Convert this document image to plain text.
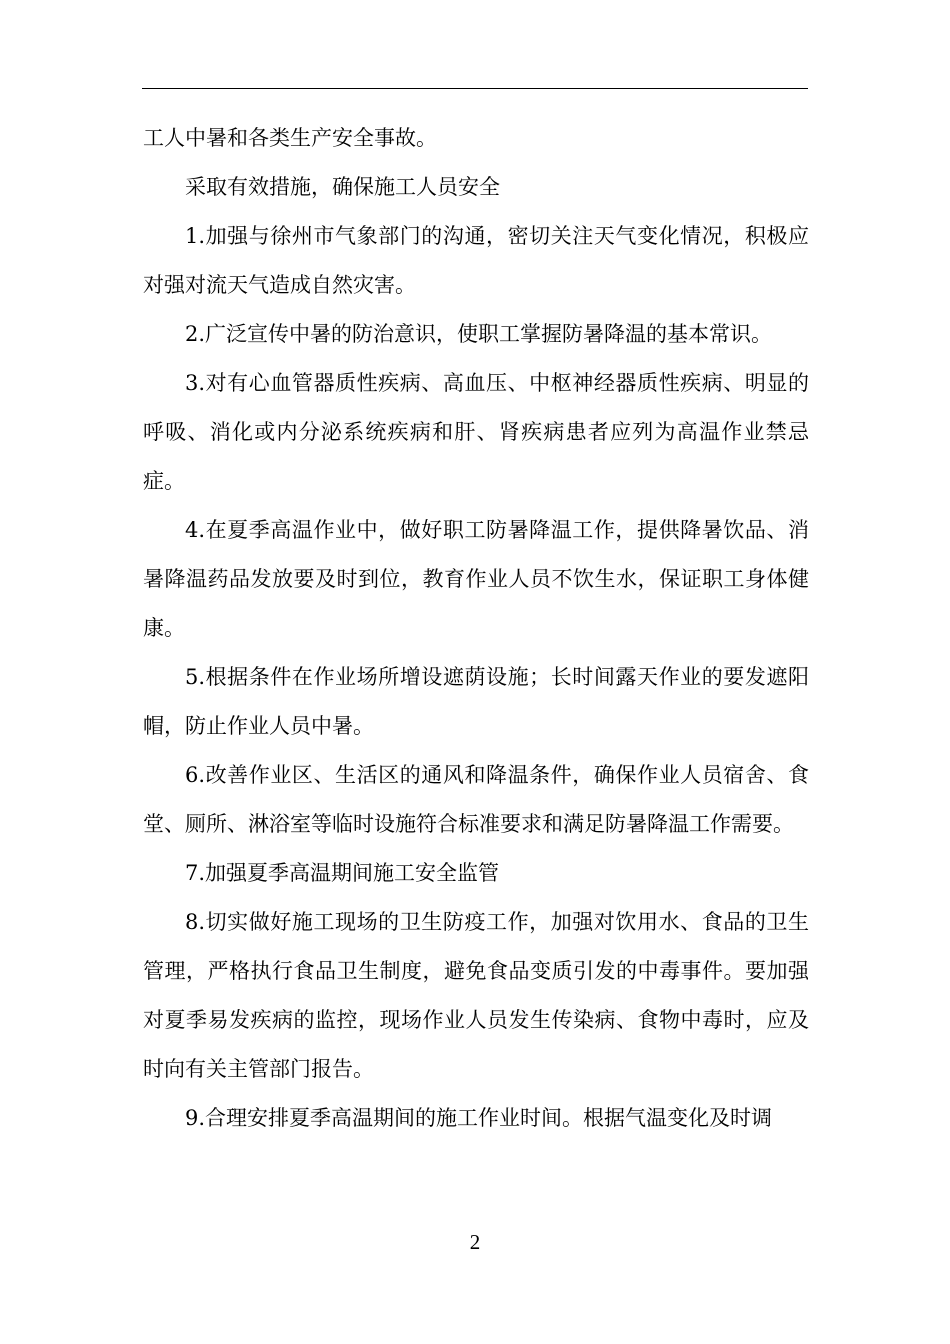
工人中暑和各类生产安全事故。

采取有效措施，确保施工人员安全

1.加强与徐州市气象部门的沟通，密切关注天气变化情况，积极应对强对流天气造成自然灾害。

2.广泛宣传中暑的防治意识，使职工掌握防暑降温的基本常识。

3.对有心血管器质性疾病、高血压、中枢神经器质性疾病、明显的呼吸、消化或内分泌系统疾病和肝、肾疾病患者应列为高温作业禁忌症。

4.在夏季高温作业中，做好职工防暑降温工作，提供降暑饮品、消暑降温药品发放要及时到位，教育作业人员不饮生水，保证职工身体健康。

5.根据条件在作业场所增设遮荫设施；长时间露天作业的要发遮阳帽，防止作业人员中暑。

6.改善作业区、生活区的通风和降温条件，确保作业人员宿舍、食堂、厕所、淋浴室等临时设施符合标准要求和满足防暑降温工作需要。

7.加强夏季高温期间施工安全监管

8.切实做好施工现场的卫生防疫工作，加强对饮用水、食品的卫生管理，严格执行食品卫生制度，避免食品变质引发的中毒事件。要加强对夏季易发疾病的监控，现场作业人员发生传染病、食物中毒时，应及时向有关主管部门报告。

9.合理安排夏季高温期间的施工作业时间。根据气温变化及时调

2
